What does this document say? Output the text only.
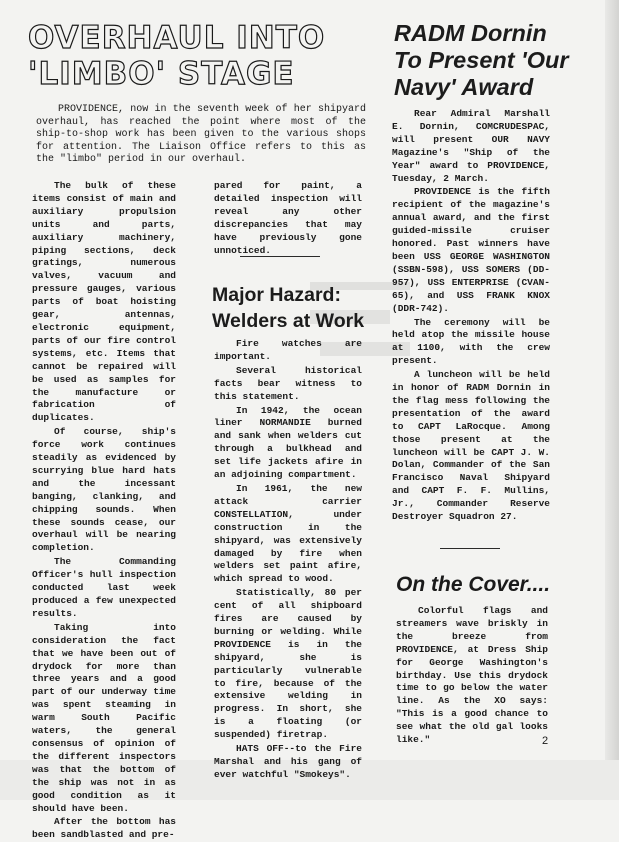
OVERHAUL INTO 'LIMBO' STAGE

PROVIDENCE, now in the seventh week of her shipyard overhaul, has reached the point where most of the ship-to-shop work has been given to the various shops for attention. The Liaison Office refers to this as the "limbo" period in our overhaul.

The bulk of these items consist of main and auxiliary propulsion units and parts, auxiliary machinery, piping sections, deck gratings, numerous valves, vacuum and pressure gauges, various parts of boat hoisting gear, antennas, electronic equipment, parts of our fire control systems, etc. Items that cannot be repaired will be used as samples for the manufacture or fabrication of duplicates.

Of course, ship's force work continues steadily as evidenced by scurrying blue hard hats and the incessant banging, clanking, and chipping sounds. When these sounds cease, our overhaul will be nearing completion.

The Commanding Officer's hull inspection conducted last week produced a few unexpected results.

Taking into consideration the fact that we have been out of drydock for more than three years and a good part of our underway time was spent steaming in warm South Pacific waters, the general consensus of opinion of the different inspectors was that the bottom of the ship was not in as good condition as it should have been.

After the bottom has been sandblasted and pre-

pared for paint, a detailed inspection will reveal any other discrepancies that may have previously gone unnoticed.

Major Hazard: Welders at Work

Fire watches are important.

Several historical facts bear witness to this statement.

In 1942, the ocean liner NORMANDIE burned and sank when welders cut through a bulkhead and set life jackets afire in an adjoining compartment.

In 1961, the new attack carrier CONSTELLATION, under construction in the shipyard, was extensively damaged by fire when welders set paint afire, which spread to wood.

Statistically, 80 per cent of all shipboard fires are caused by burning or welding. While PROVIDENCE is in the shipyard, she is particularly vulnerable to fire, because of the extensive welding in progress. In short, she is a floating (or suspended) firetrap.

HATS OFF--to the Fire Marshal and his gang of ever watchful "Smokeys".

RADM Dornin To Present 'Our Navy' Award

Rear Admiral Marshall E. Dornin, COMCRUDESPAC, will present OUR NAVY Magazine's "Ship of the Year" award to PROVIDENCE, Tuesday, 2 March.

PROVIDENCE is the fifth recipient of the magazine's annual award, and the first guided-missile cruiser honored. Past winners have been USS GEORGE WASHINGTON (SSBN-598), USS SOMERS (DD-957), USS ENTERPRISE (CVAN-65), and USS FRANK KNOX (DDR-742).

The ceremony will be held atop the missile house at 1100, with the crew present.

A luncheon will be held in honor of RADM Dornin in the flag mess following the presentation of the award to CAPT LaRocque. Among those present at the luncheon will be CAPT J. W. Dolan, Commander of the San Francisco Naval Shipyard and CAPT F. F. Mullins, Jr., Commander Reserve Destroyer Squadron 27.

On the Cover....

Colorful flags and streamers wave briskly in the breeze from PROVIDENCE, at Dress Ship for George Washington's birthday. Use this drydock time to go below the water line. As the XO says: "This is a good chance to see what the old gal looks like."	2
